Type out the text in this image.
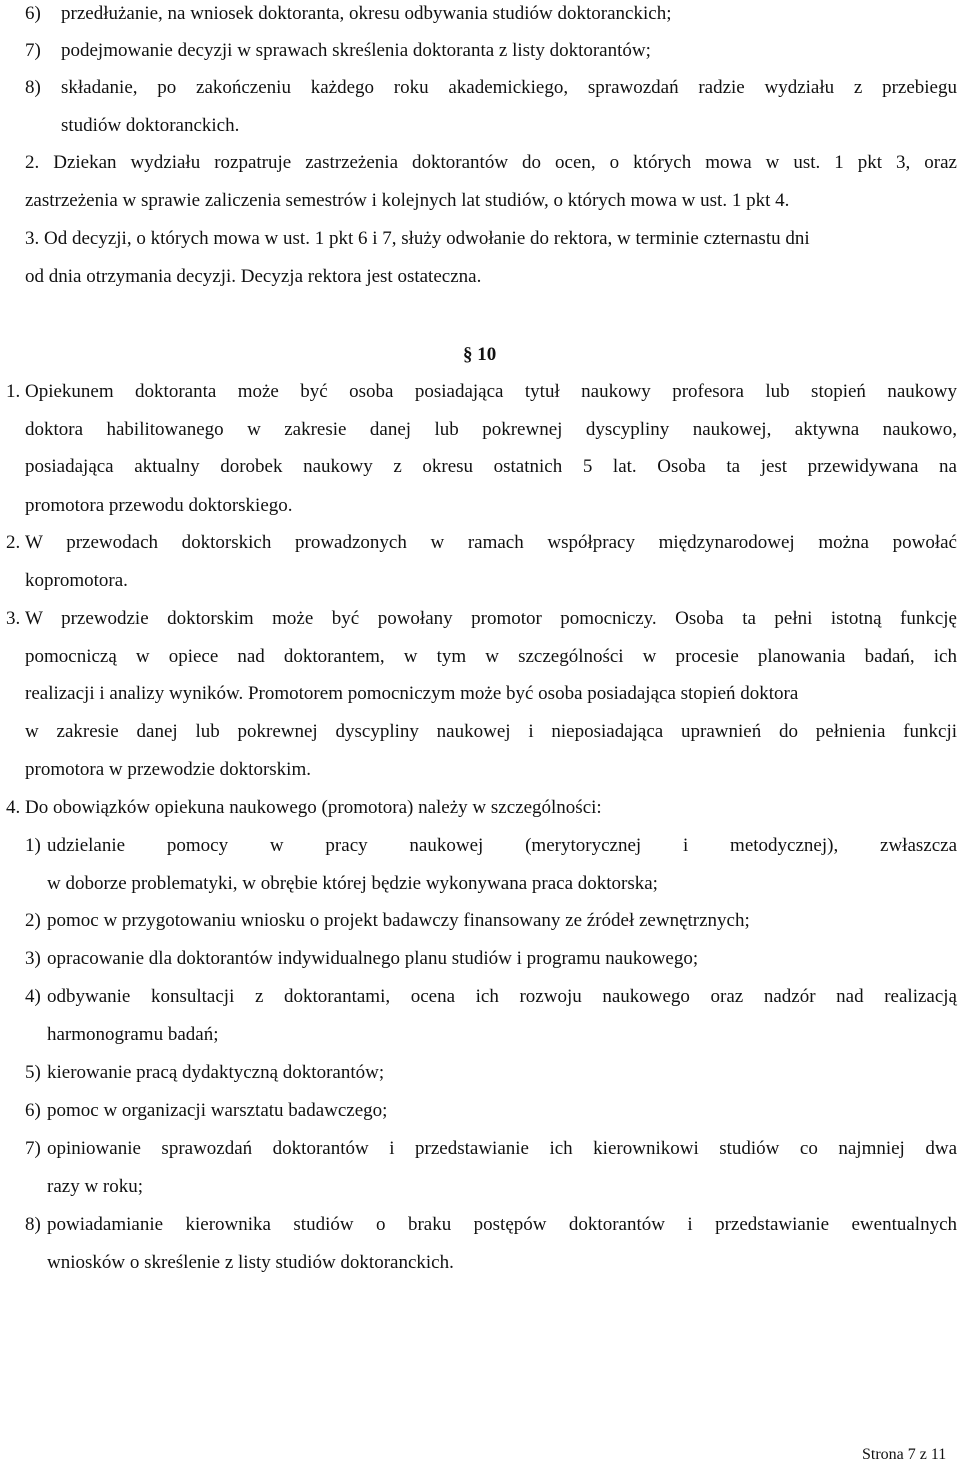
6) przedłużanie, na wniosek doktoranta, okresu odbywania studiów doktoranckich;
7) podejmowanie decyzji w sprawach skreślenia doktoranta z listy doktorantów;
8) składanie, po zakończeniu każdego roku akademickiego, sprawozdań radzie wydziału z przebiegu
studiów doktoranckich.
2. Dziekan wydziału rozpatruje zastrzeżenia doktorantów do ocen, o których mowa w ust. 1 pkt 3, oraz
zastrzeżenia w sprawie zaliczenia semestrów i kolejnych lat studiów, o których mowa w ust. 1 pkt 4.
3. Od decyzji, o których mowa w ust. 1 pkt 6 i 7, służy odwołanie do rektora, w terminie czternastu dni
od dnia otrzymania decyzji. Decyzja rektora jest ostateczna.
§ 10
1. Opiekunem doktoranta może być osoba posiadająca tytuł naukowy profesora lub stopień naukowy
doktora habilitowanego w zakresie danej lub pokrewnej dyscypliny naukowej, aktywna naukowo,
posiadająca aktualny dorobek naukowy z okresu ostatnich 5 lat. Osoba ta jest przewidywana na
promotora przewodu doktorskiego.
2. W przewodach doktorskich prowadzonych w ramach współpracy międzynarodowej można powołać
kopromotora.
3. W przewodzie doktorskim może być powołany promotor pomocniczy. Osoba ta pełni istotną funkcję
pomocniczą w opiece nad doktorantem, w tym w szczególności w procesie planowania badań, ich
realizacji i analizy wyników. Promotorem pomocniczym może być osoba posiadająca stopień doktora
w zakresie danej lub pokrewnej dyscypliny naukowej i nieposiadająca uprawnień do pełnienia funkcji
promotora w przewodzie doktorskim.
4. Do obowiązków opiekuna naukowego (promotora) należy w szczególności:
1) udzielanie pomocy w pracy naukowej (merytorycznej i metodycznej), zwłaszcza
w doborze problematyki, w obrębie której będzie wykonywana praca doktorska;
2) pomoc w przygotowaniu wniosku o projekt badawczy finansowany ze źródeł zewnętrznych;
3) opracowanie dla doktorantów indywidualnego planu studiów i programu naukowego;
4) odbywanie konsultacji z doktorantami, ocena ich rozwoju naukowego oraz nadzór nad realizacją
harmonogramu badań;
5) kierowanie pracą dydaktyczną doktorantów;
6) pomoc w organizacji warsztatu badawczego;
7) opiniowanie sprawozdań doktorantów i przedstawianie ich kierownikowi studiów co najmniej dwa
razy w roku;
8) powiadamianie kierownika studiów o braku postępów doktorantów i przedstawianie ewentualnych
wniosków o skreślenie z listy studiów doktoranckich.
Strona 7 z 11
